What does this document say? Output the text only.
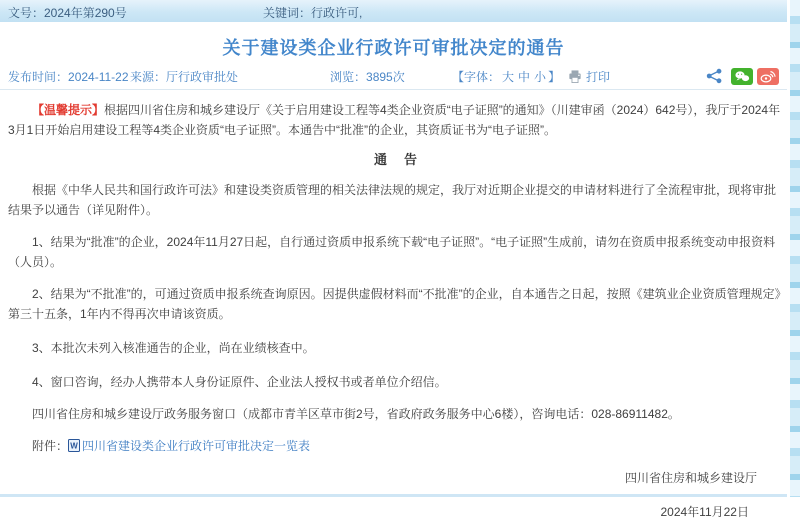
文号： 2024年第290号	关键词： 行政许可,
关于建设类企业行政许可审批决定的通告
发布时间：2024-11-22 来源：厅行政审批处	浏览：3895次	【字体： 大 中 小 】 打印

【温馨提示】根据四川省住房和城乡建设厅《关于启用建设工程等4类企业资质“电子证照”的通知》（川建审函（2024）642号），我厅于2024年3月1日开始启用建设工程等4类企业资质“电子证照”。本通告中“批准”的企业，其资质证书为“电子证照”。

通　告

根据《中华人民共和国行政许可法》和建设类资质管理的相关法律法规的规定，我厅对近期企业提交的申请材料进行了全流程审批，现将审批结果予以通告（详见附件）。

1、结果为“批准”的企业，2024年11月27日起，自行通过资质申报系统下载“电子证照”。“电子证照”生成前，请勿在资质申报系统变动申报资料（人员）。

2、结果为“不批准”的，可通过资质申报系统查询原因。因提供虚假材料而“不批准”的企业，自本通告之日起，按照《建筑业企业资质管理规定》第三十五条，1年内不得再次申请该资质。

3、本批次未列入核准通告的企业，尚在业绩核查中。

4、窗口咨询，经办人携带本人身份证原件、企业法人授权书或者单位介绍信。

四川省住房和城乡建设厅政务服务窗口（成都市青羊区草市街2号，省政府政务服务中心6楼），咨询电话：028-86911482。

附件： W 四川省建设类企业行政许可审批决定一览表

四川省住房和城乡建设厅

2024年11月22日
